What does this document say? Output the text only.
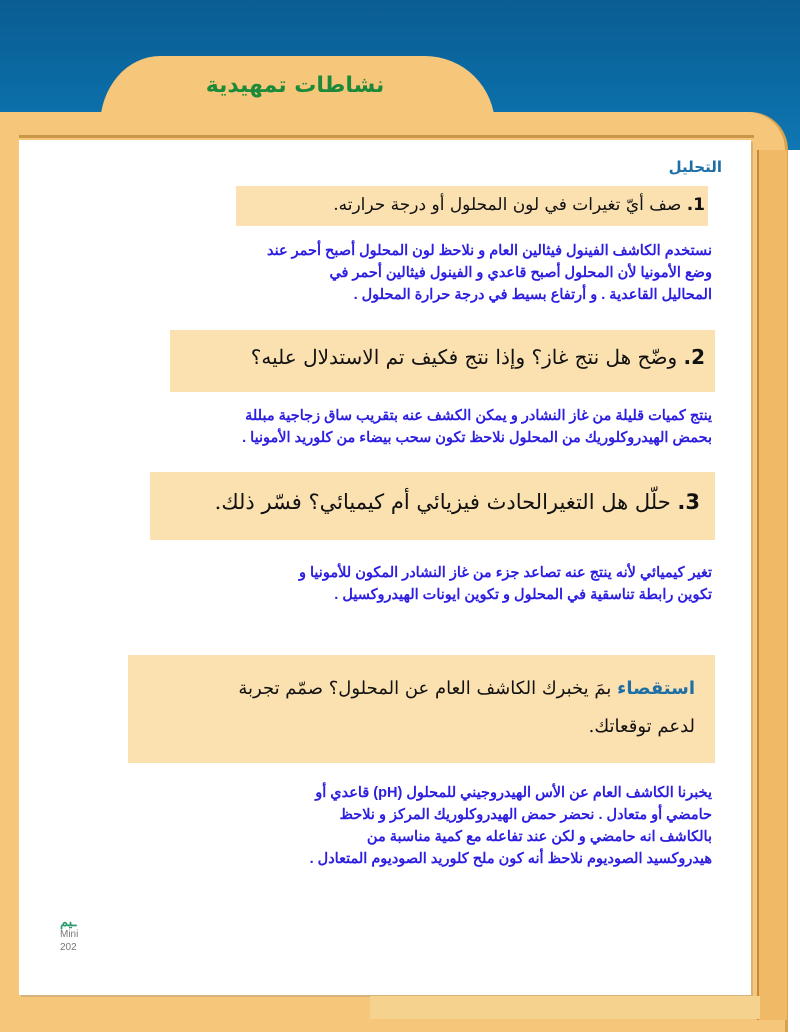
نشاطات تمهيدية
التحليل
1. صف أيّ تغيرات في لون المحلول أو درجة حرارته.
نستخدم الكاشف الفينول فيثالين العام و نلاحظ لون المحلول أصبح أحمر عند
وضع الأمونيا لأن المحلول أصبح قاعدي و الفينول فيثالين أحمر في
المحاليل القاعدية . و أرتفاع بسيط في درجة حرارة المحلول .
2. وضّح هل نتج غاز؟ وإذا نتج فكيف تم الاستدلال عليه؟
ينتج كميات قليلة من غاز النشادر و يمكن الكشف عنه بتقريب ساق زجاجية مبللة
بحمض الهيدروكلوريك من المحلول نلاحظ تكون سحب بيضاء من كلوريد الأمونيا .
3. حلّل هل التغيرالحادث فيزيائي أم كيميائي؟ فسّر ذلك.
تغير كيميائي لأنه ينتج عنه تصاعد جزء من غاز النشادر المكون للأمونيا و
تكوين رابطة تناسقية في المحلول و تكوين ايونات الهيدروكسيل .
استقصاء بمَ يخبرك الكاشف العام عن المحلول؟ صمّم تجربة
لدعم توقعاتك.
يخبرنا الكاشف العام عن الأس الهيدروجيني للمحلول (pH) قاعدي أو
حامضي أو متعادل . نحضر حمض الهيدروكلوريك المركز و نلاحظ
بالكاشف انه حامضي و لكن عند تفاعله مع كمية مناسبة من
هيدروكسيد الصوديوم نلاحظ أنه كون ملح كلوريد الصوديوم المتعادل .
ـيم
Mini
202
